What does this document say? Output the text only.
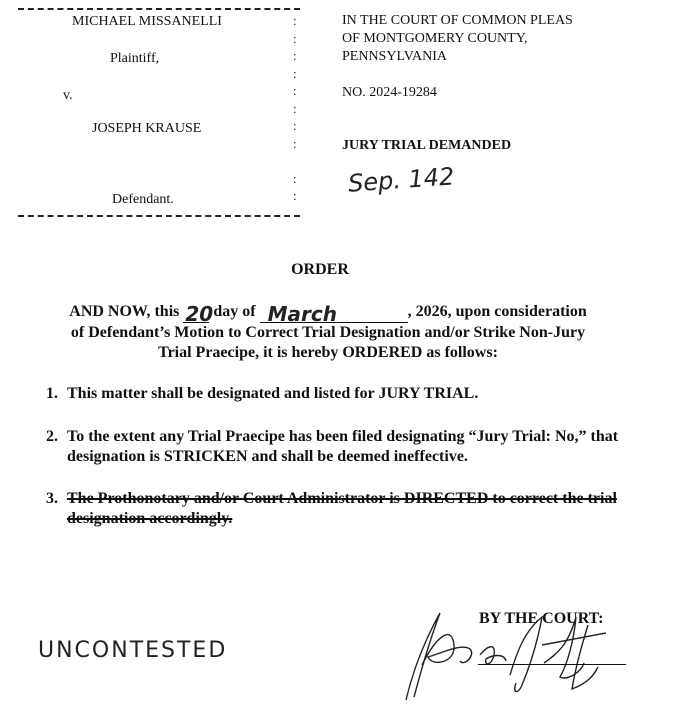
MICHAEL MISSANELLI
Plaintiff,
v.
JOSEPH KRAUSE
Defendant.
:
:
:
:
:
:
:
:

:
:
IN THE COURT OF COMMON PLEAS
OF MONTGOMERY COUNTY,
PENNSYLVANIA
NO. 2024-19284
JURY TRIAL DEMANDED
Sep. 142
ORDER
AND NOW, this 20 day of March	, 2026, upon consideration
of Defendant’s Motion to Correct Trial Designation and/or Strike Non-Jury
Trial Praecipe, it is hereby ORDERED as follows:
1. This matter shall be designated and listed for JURY TRIAL.
2. To the extent any Trial Praecipe has been filed designating “Jury Trial: No,” that designation is STRICKEN and shall be deemed ineffective.
3. The Prothonotary and/or Court Administrator is DIRECTED to correct the trial designation accordingly.
UNCONTESTED
BY THE COURT:
